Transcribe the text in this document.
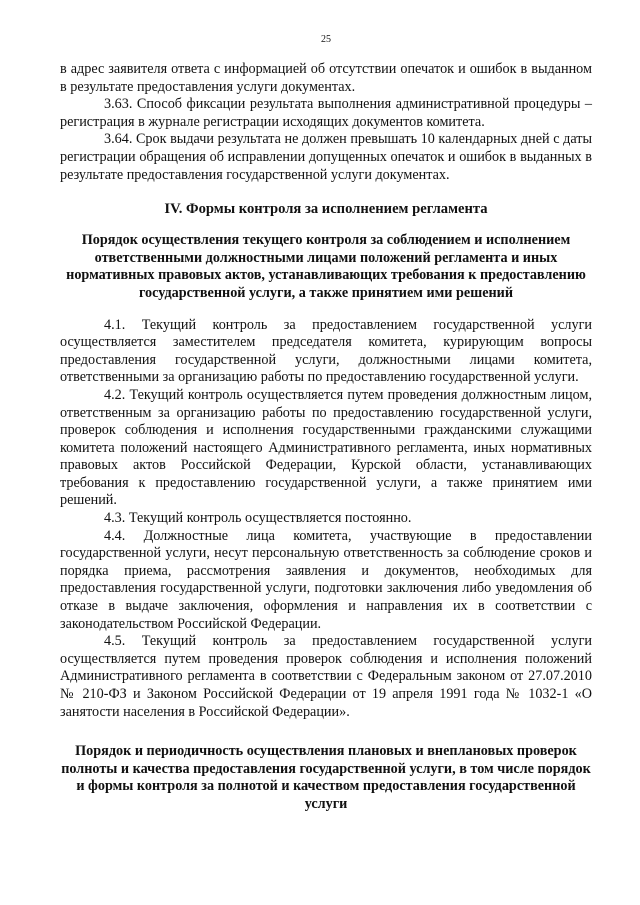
25

в адрес заявителя ответа с информацией об отсутствии опечаток и ошибок в выданном в результате предоставления услуги документах.

3.63. Способ фиксации результата выполнения административной процедуры – регистрация в журнале регистрации исходящих документов комитета.

3.64. Срок выдачи результата не должен превышать 10 календарных дней с даты регистрации обращения об исправлении допущенных опечаток и ошибок в выданных в результате предоставления государственной услуги документах.

IV. Формы контроля за исполнением регламента
Порядок осуществления текущего контроля за соблюдением и исполнением ответственными должностными лицами положений регламента и иных нормативных правовых актов, устанавливающих требования к предоставлению государственной услуги, а также принятием ими решений

4.1. Текущий контроль за предоставлением государственной услуги осуществляется заместителем председателя комитета, курирующим вопросы предоставления государственной услуги, должностными лицами комитета, ответственными за организацию работы по предоставлению государственной услуги.

4.2. Текущий контроль осуществляется путем проведения должностным лицом, ответственным за организацию работы по предоставлению государственной услуги, проверок соблюдения и исполнения государственными гражданскими служащими комитета положений настоящего Административного регламента, иных нормативных правовых актов Российской Федерации, Курской области, устанавливающих требования к предоставлению государственной услуги, а также принятием ими решений.

4.3. Текущий контроль осуществляется постоянно.

4.4. Должностные лица комитета, участвующие в предоставлении государственной услуги, несут персональную ответственность за соблюдение сроков и порядка приема, рассмотрения заявления и документов, необходимых для предоставления государственной услуги, подготовки заключения либо уведомления об отказе в выдаче заключения, оформления и направления их в соответствии с законодательством Российской Федерации.

4.5. Текущий контроль за предоставлением государственной услуги осуществляется путем проведения проверок соблюдения и исполнения положений Административного регламента в соответствии с Федеральным законом от 27.07.2010 № 210-ФЗ и Законом Российской Федерации от 19 апреля 1991 года № 1032-1 «О занятости населения в Российской Федерации».

Порядок и периодичность осуществления плановых и внеплановых проверок полноты и качества предоставления государственной услуги, в том числе порядок и формы контроля за полнотой и качеством предоставления государственной услуги
